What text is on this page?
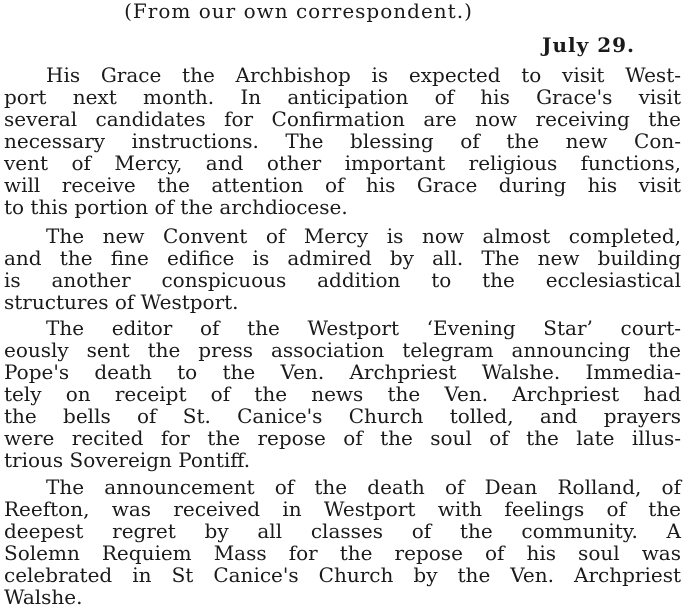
(From our own correspondent.)
July 29.
His Grace the Archbishop is expected to visit West-
port next month. In anticipation of his Grace's visit
several candidates for Confirmation are now receiving the
necessary instructions. The blessing of the new Con-
vent of Mercy, and other important religious functions,
will receive the attention of his Grace during his visit
to this portion of the archdiocese.
The new Convent of Mercy is now almost completed,
and the fine edifice is admired by all. The new building
is another conspicuous addition to the ecclesiastical
structures of Westport.
The editor of the Westport ‘Evening Star’ court-
eously sent the press association telegram announcing the
Pope's death to the Ven. Archpriest Walshe. Immedia-
tely on receipt of the news the Ven. Archpriest had
the bells of St. Canice's Church tolled, and prayers
were recited for the repose of the soul of the late illus-
trious Sovereign Pontiff.
The announcement of the death of Dean Rolland, of
Reefton, was received in Westport with feelings of the
deepest regret by all classes of the community. A
Solemn Requiem Mass for the repose of his soul was
celebrated in St Canice's Church by the Ven. Archpriest
Walshe.
